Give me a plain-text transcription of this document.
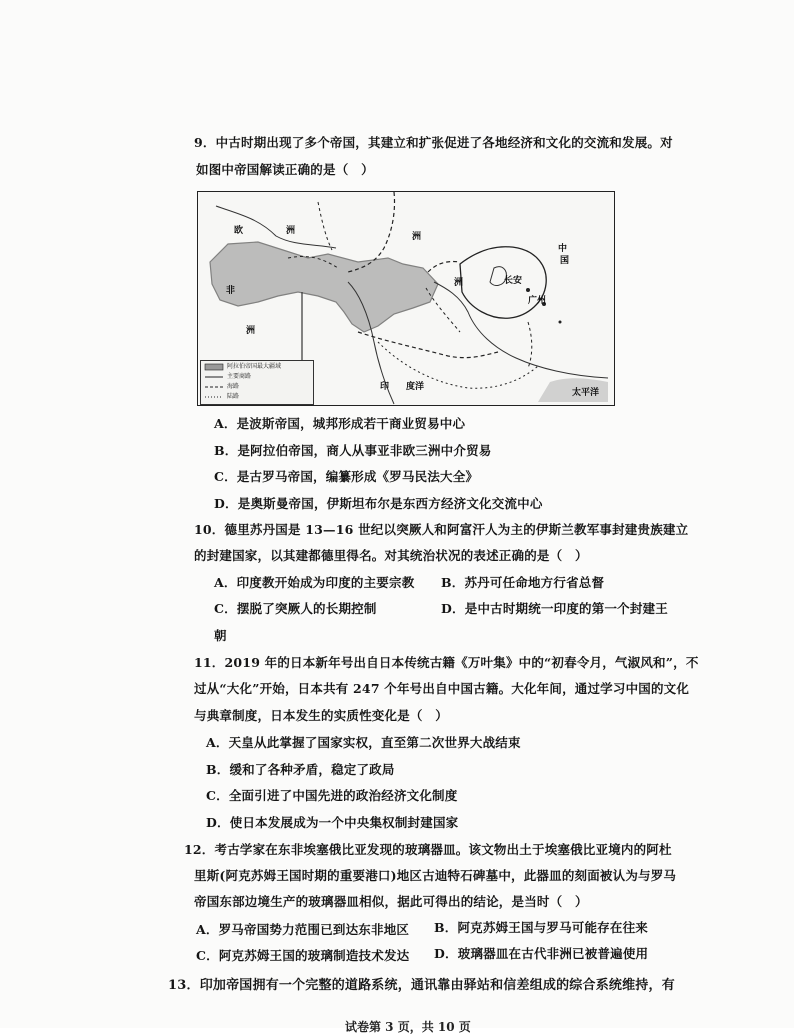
9．中古时期出现了多个帝国，其建立和扩张促进了各地经济和文化的交流和发展。对
如图中帝国解读正确的是（　）
欧	洲
非
洲
洲
洲
中
国
长安
广州
印 度洋
太平洋
阿拉伯帝国最大疆域
主要商路
海路
陆路
A．是波斯帝国，城邦形成若干商业贸易中心
B．是阿拉伯帝国，商人从事亚非欧三洲中介贸易
C．是古罗马帝国，编纂形成《罗马民法大全》
D．是奥斯曼帝国，伊斯坦布尔是东西方经济文化交流中心
10．德里苏丹国是 13—16 世纪以突厥人和阿富汗人为主的伊斯兰教军事封建贵族建立
的封建国家，以其建都德里得名。对其统治状况的表述正确的是（　）
A．印度教开始成为印度的主要宗教 B．苏丹可任命地方行省总督
C．摆脱了突厥人的长期控制	D．是中古时期统一印度的第一个封建王
朝
11．2019 年的日本新年号出自日本传统古籍《万叶集》中的“初春令月，气淑风和”，不
过从“大化”开始，日本共有 247 个年号出自中国古籍。大化年间，通过学习中国的文化
与典章制度，日本发生的实质性变化是（　）
A．天皇从此掌握了国家实权，直至第二次世界大战结束
B．缓和了各种矛盾，稳定了政局
C．全面引进了中国先进的政治经济文化制度
D．使日本发展成为一个中央集权制封建国家
12．考古学家在东非埃塞俄比亚发现的玻璃器皿。该文物出土于埃塞俄比亚境内的阿杜
里斯(阿克苏姆王国时期的重要港口)地区古迪特石碑墓中，此器皿的刻面被认为与罗马
帝国东部边境生产的玻璃器皿相似，据此可得出的结论，是当时（　）
A．罗马帝国势力范围已到达东非地区 B．阿克苏姆王国与罗马可能存在往来
C．阿克苏姆王国的玻璃制造技术发达 D．玻璃器皿在古代非洲已被普遍使用
13．印加帝国拥有一个完整的道路系统，通讯靠由驿站和信差组成的综合系统维持，有
试卷第 3 页，共 10 页
